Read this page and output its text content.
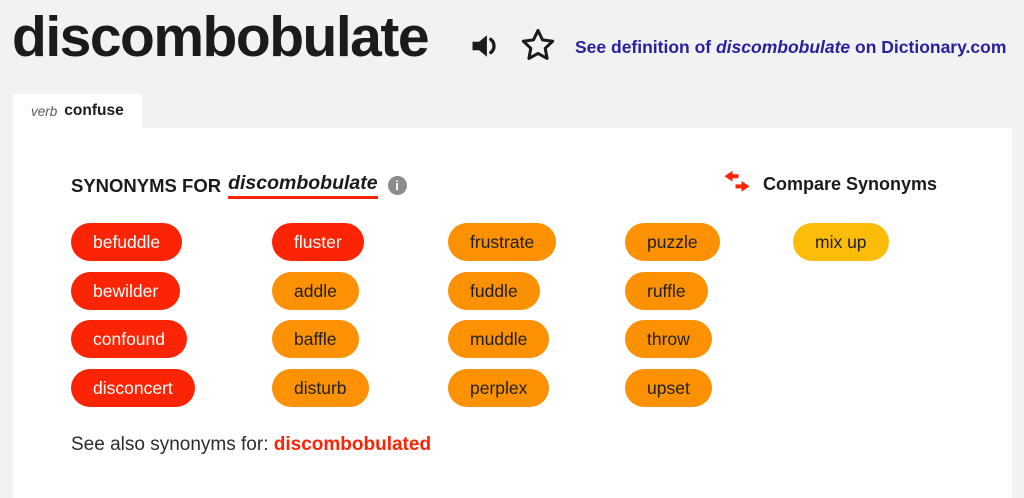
discombobulate	See definition of discombobulate on Dictionary.com
verb confuse
SYNONYMS FOR discombobulate	i	Compare Synonyms
befuddle
bewilder
confound
disconcert
fluster
addle
baffle
disturb
frustrate
fuddle
muddle
perplex
puzzle
ruffle
throw
upset
mix up
See also synonyms for: discombobulated
